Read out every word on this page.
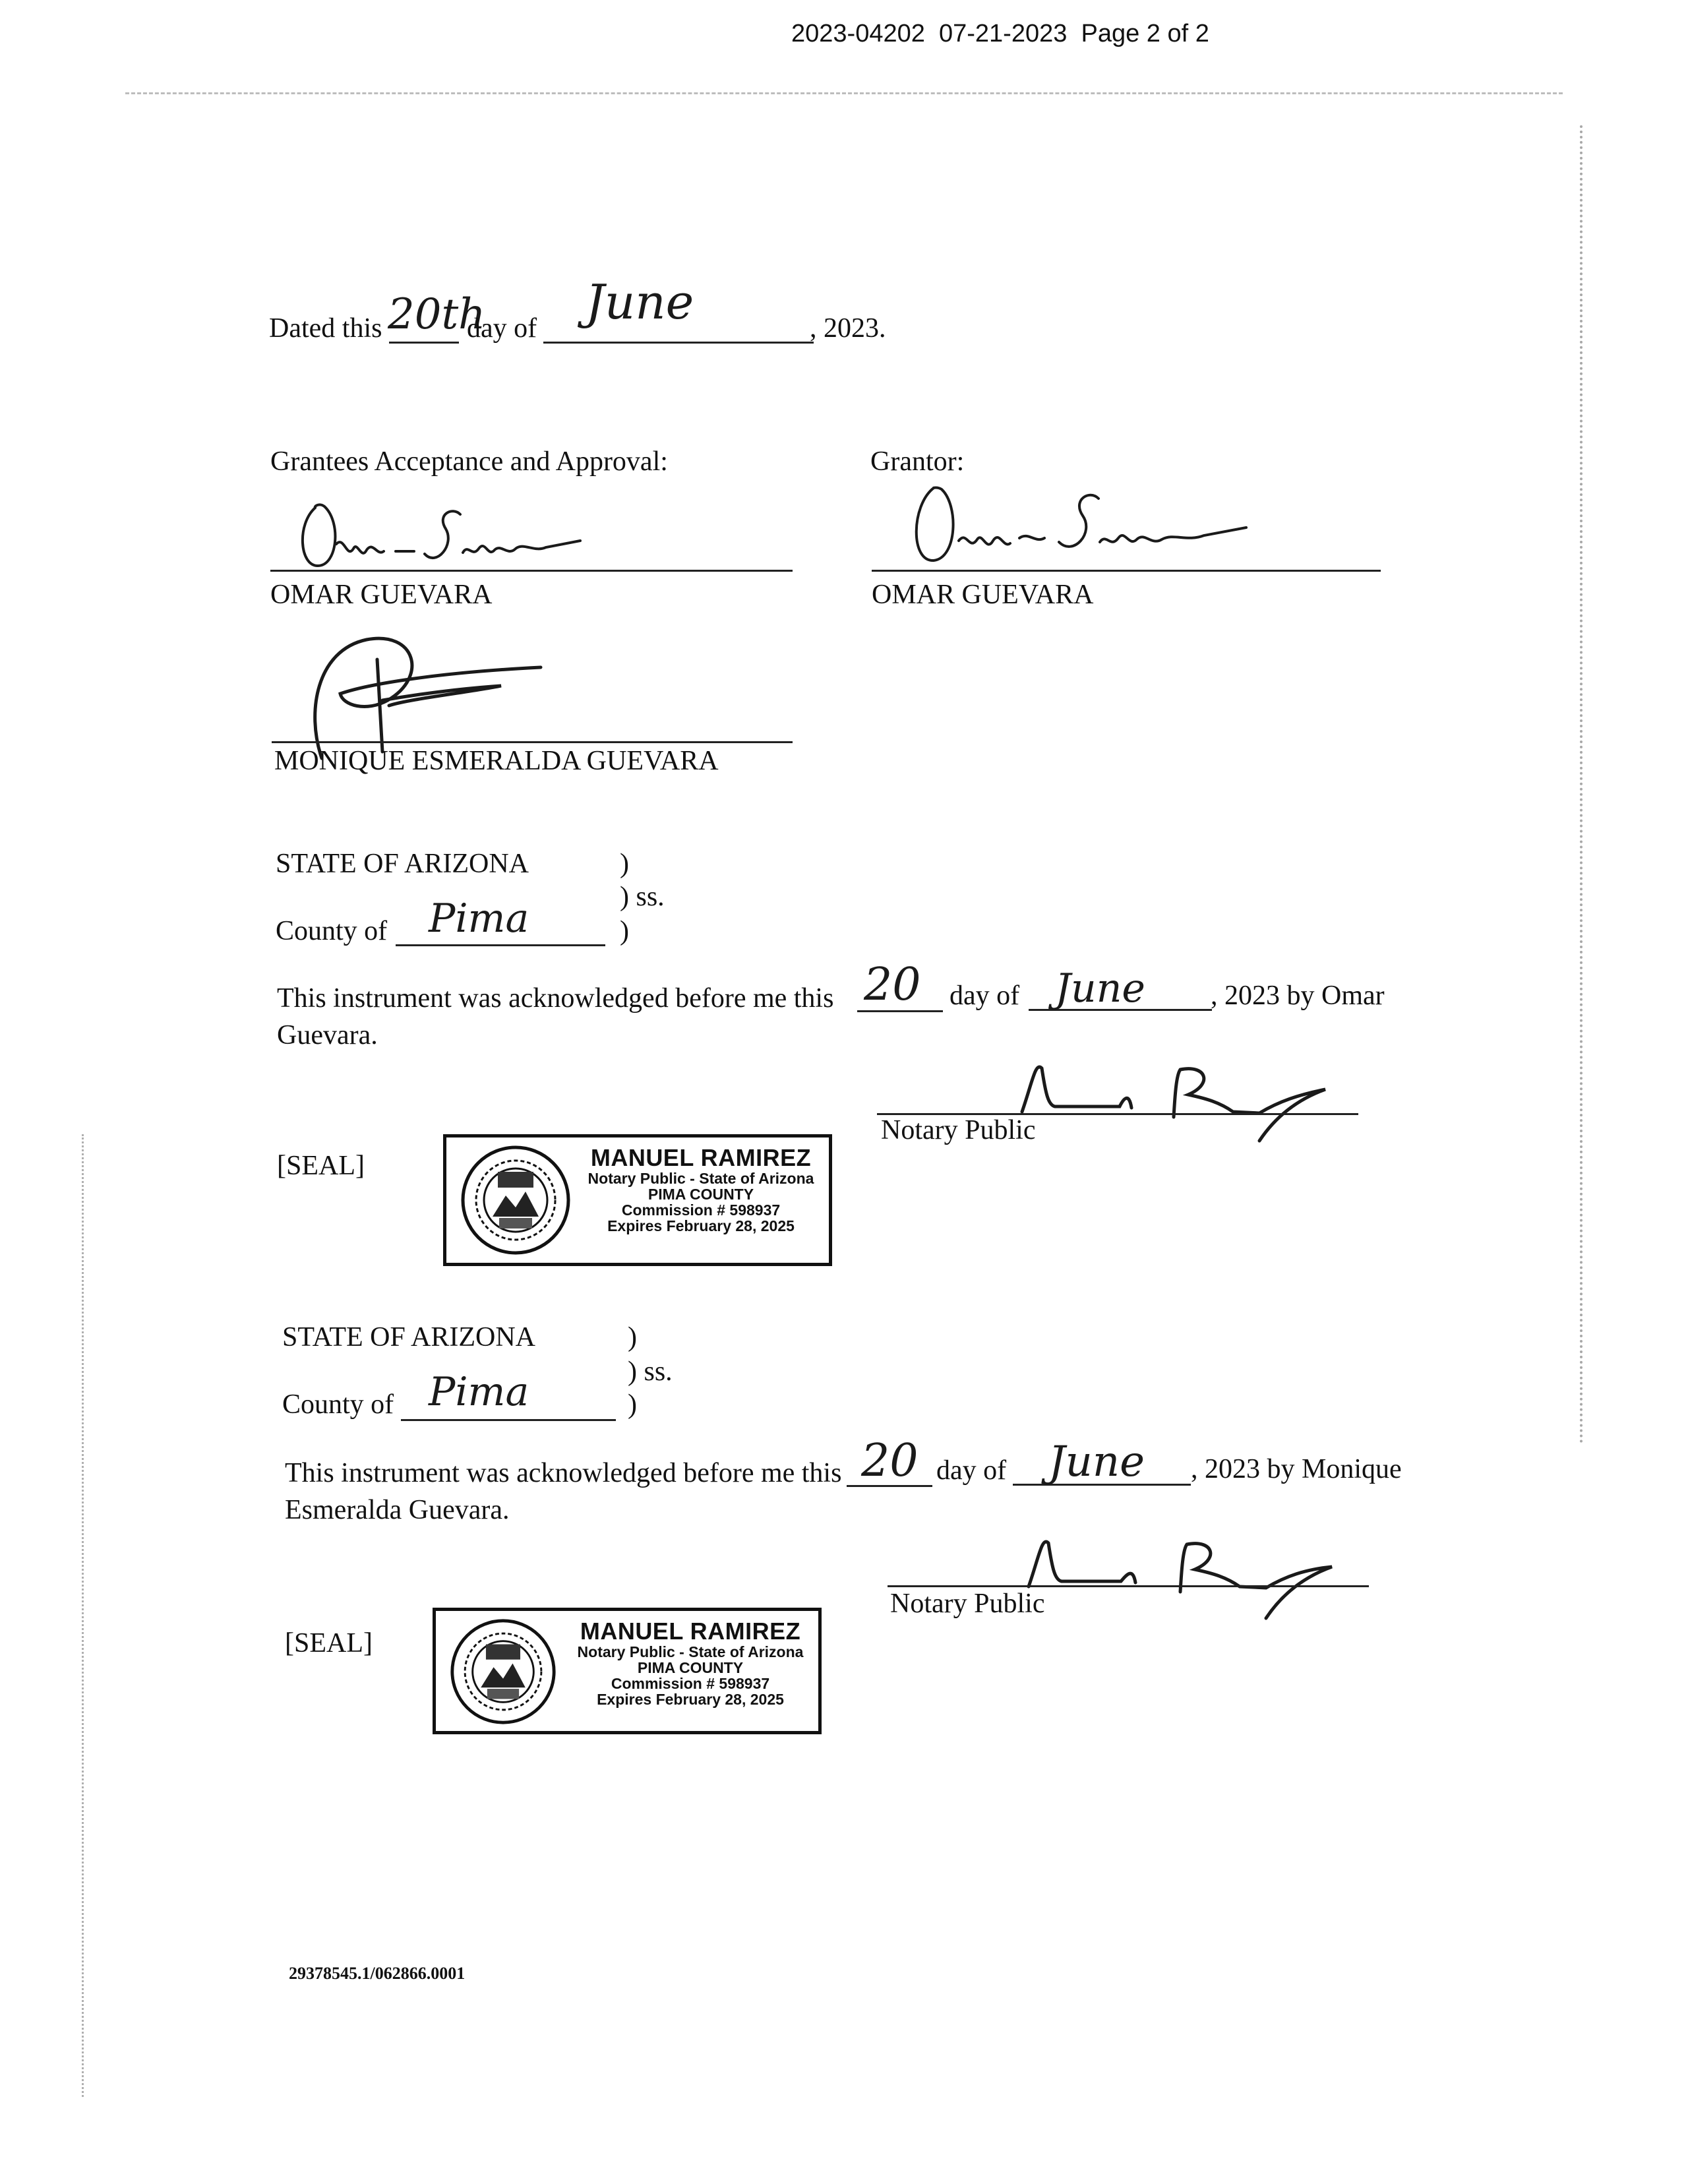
2023-04202  07-21-2023  Page 2 of 2
Dated this 20th
day of June	, 2023.
Grantees Acceptance and Approval:	Grantor:
OMAR GUEVARA	OMAR GUEVARA
MONIQUE ESMERALDA GUEVARA
STATE OF ARIZONA	)
) ss.
County of Pima	)
This instrument was acknowledged before me this 20 day of June , 2023 by Omar
Guevara.
Notary Public
[SEAL]	MANUEL RAMIREZ
Notary Public - State of Arizona
PIMA COUNTY
Commission # 598937
Expires February 28, 2025
STATE OF ARIZONA	)
) ss.
County of Pima	)
This instrument was acknowledged before me this 20 day of June , 2023 by Monique
Esmeralda Guevara.
Notary Public
[SEAL]	MANUEL RAMIREZ
Notary Public - State of Arizona
PIMA COUNTY
Commission # 598937
Expires February 28, 2025
29378545.1/062866.0001
